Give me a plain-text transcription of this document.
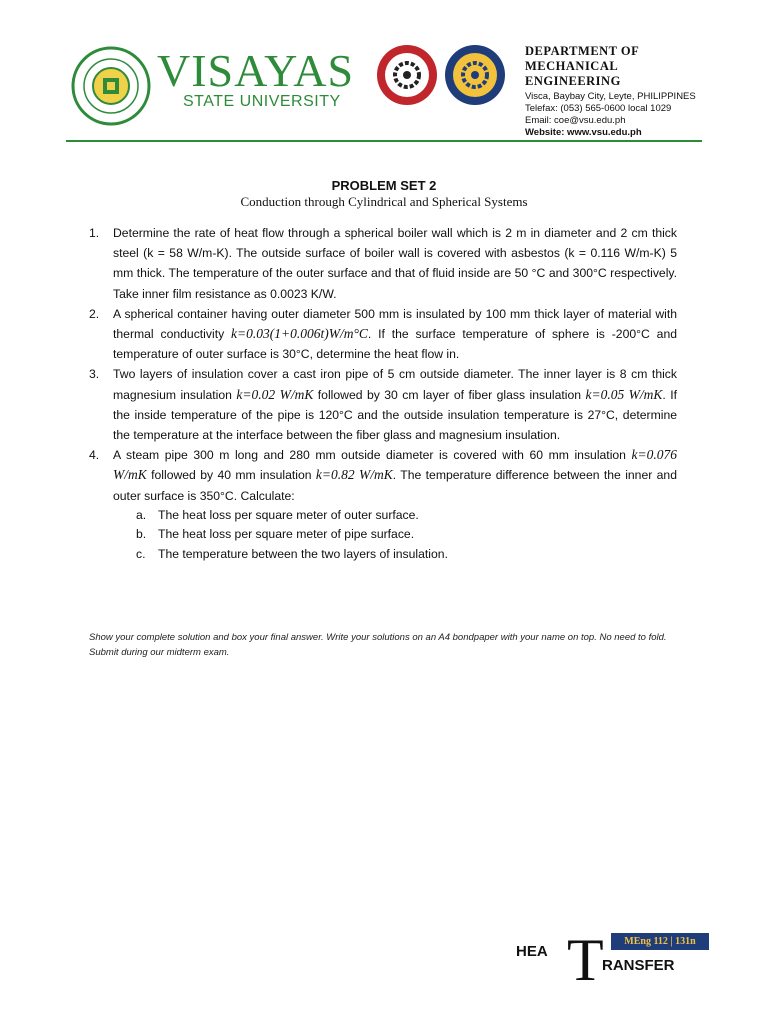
VISAYAS
STATE UNIVERSITY
DEPARTMENT OF
MECHANICAL
ENGINEERING
Visca, Baybay City, Leyte, PHILIPPINES
Telefax: (053) 565-0600 local 1029
Email: coe@vsu.edu.ph
Website: www.vsu.edu.ph
PROBLEM SET 2
Conduction through Cylindrical and Spherical Systems
1.	Determine the rate of heat flow through a spherical boiler wall which is 2 m in diameter and 2 cm thick steel (k = 58 W/m-K). The outside surface of boiler wall is covered with asbestos (k = 0.116 W/m-K) 5 mm thick. The temperature of the outer surface and that of fluid inside are 50 °C and 300°C respectively. Take inner film resistance as 0.0023 K/W.
2.	A spherical container having outer diameter 500 mm is insulated by 100 mm thick layer of material with thermal conductivity k=0.03(1+0.006t)W/m°C. If the surface temperature of sphere is -200°C and temperature of outer surface is 30°C, determine the heat flow in.
3.	Two layers of insulation cover a cast iron pipe of 5 cm outside diameter. The inner layer is 8 cm thick magnesium insulation k=0.02 W/mK followed by 30 cm layer of fiber glass insulation k=0.05 W/mK. If the inside temperature of the pipe is 120°C and the outside insulation temperature is 27°C, determine the temperature at the interface between the fiber glass and magnesium insulation.
4.	A steam pipe 300 m long and 280 mm outside diameter is covered with 60 mm insulation k=0.076 W/mK followed by 40 mm insulation k=0.82 W/mK. The temperature difference between the inner and outer surface is 350°C. Calculate:
a. The heat loss per square meter of outer surface.
b. The heat loss per square meter of pipe surface.
c.	The temperature between the two layers of insulation.
Show your complete solution and box your final answer. Write your solutions on an A4 bondpaper with your name on top. No need to fold. Submit during our midterm exam.
HEA T
RANSFER
MEng 112 | 131n
